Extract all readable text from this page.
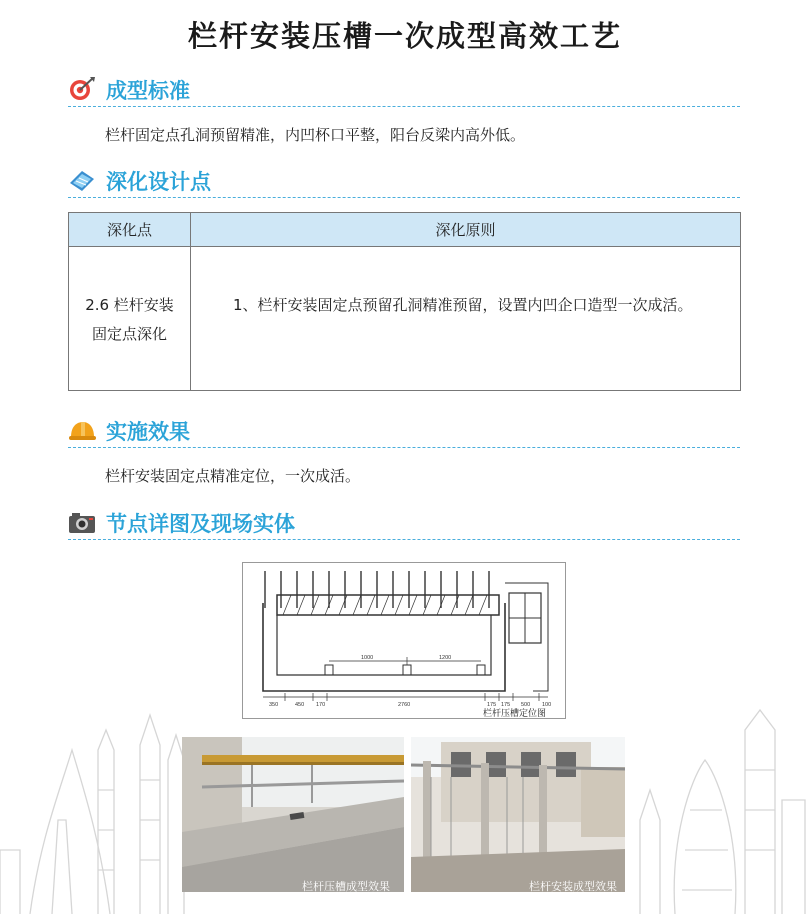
栏杆安装压槽一次成型高效工艺
成型标准
栏杆固定点孔洞预留精准，内凹杯口平整，阳台反梁内高外低。
深化设计点
深化点	深化原则

2.6 栏杆安装
固定点深化	1、栏杆安装固定点预留孔洞精准预留，设置内凹企口造型一次成活。
实施效果
栏杆安装固定点精准定位，一次成活。
节点详图及现场实体
1000	1200
350	450 170	2760	175 175 500 100
栏杆压槽定位图
栏杆压槽成型效果	栏杆安装成型效果
